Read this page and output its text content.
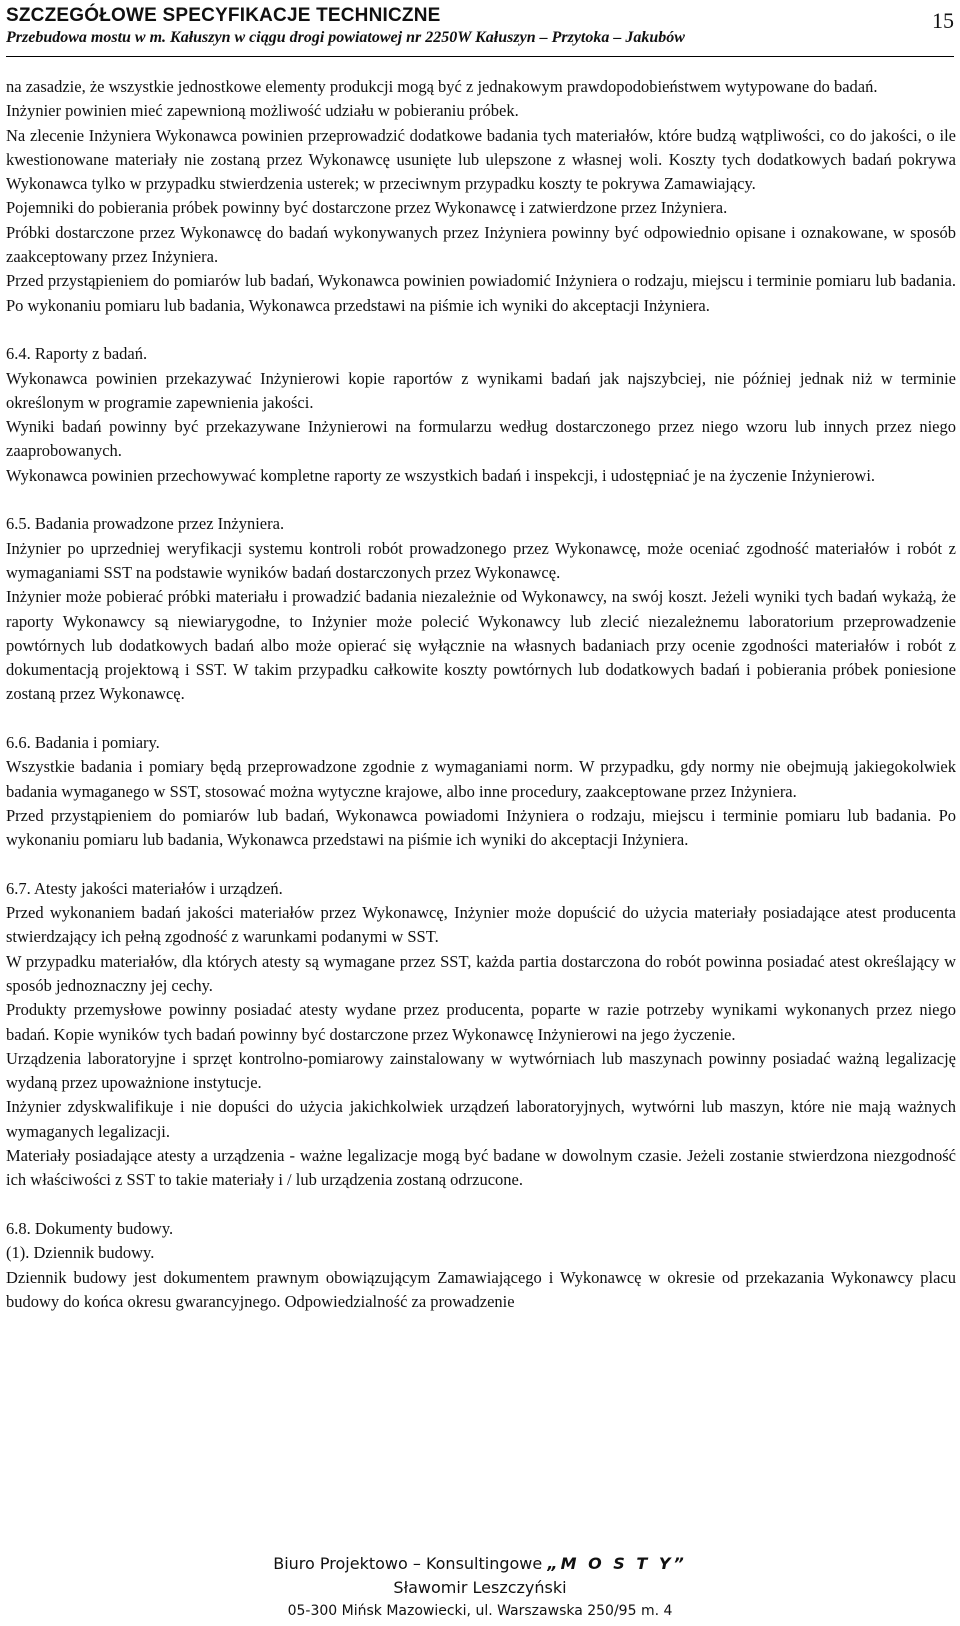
SZCZEGÓŁOWE SPECYFIKACJE TECHNICZNE
Przebudowa mostu w m. Kałuszyn w ciągu drogi powiatowej nr 2250W Kałuszyn – Przytoka – Jakubów
15

na zasadzie, że wszystkie jednostkowe elementy produkcji mogą być z jednakowym prawdopodobieństwem wytypowane do badań.

Inżynier powinien mieć zapewnioną możliwość udziału w pobieraniu próbek.

Na zlecenie Inżyniera Wykonawca powinien przeprowadzić dodatkowe badania tych materiałów, które budzą wątpliwości, co do jakości, o ile kwestionowane materiały nie zostaną przez Wykonawcę usunięte lub ulepszone z własnej woli. Koszty tych dodatkowych badań pokrywa Wykonawca tylko w przypadku stwierdzenia usterek; w przeciwnym przypadku koszty te pokrywa Zamawiający.

Pojemniki do pobierania próbek powinny być dostarczone przez Wykonawcę i zatwierdzone przez Inżyniera.

Próbki dostarczone przez Wykonawcę do badań wykonywanych przez Inżyniera powinny być odpowiednio opisane i oznakowane, w sposób zaakceptowany przez Inżyniera.

Przed przystąpieniem do pomiarów lub badań, Wykonawca powinien powiadomić Inżyniera o rodzaju, miejscu i terminie pomiaru lub badania. Po wykonaniu pomiaru lub badania, Wykonawca przedstawi na piśmie ich wyniki do akceptacji Inżyniera.

6.4. Raporty z badań.

Wykonawca powinien przekazywać Inżynierowi kopie raportów z wynikami badań jak najszybciej, nie później jednak niż w terminie określonym w programie zapewnienia jakości.

Wyniki badań powinny być przekazywane Inżynierowi na formularzu według dostarczonego przez niego wzoru lub innych przez niego zaaprobowanych.

Wykonawca powinien przechowywać kompletne raporty ze wszystkich badań i inspekcji, i udostępniać je na życzenie Inżynierowi.

6.5. Badania prowadzone przez Inżyniera.

Inżynier po uprzedniej weryfikacji systemu kontroli robót prowadzonego przez Wykonawcę, może oceniać zgodność materiałów i robót z wymaganiami SST na podstawie wyników badań dostarczonych przez Wykonawcę.

Inżynier może pobierać próbki materiału i prowadzić badania niezależnie od Wykonawcy, na swój koszt. Jeżeli wyniki tych badań wykażą, że raporty Wykonawcy są niewiarygodne, to Inżynier może polecić Wykonawcy lub zlecić niezależnemu laboratorium przeprowadzenie powtórnych lub dodatkowych badań albo może opierać się wyłącznie na własnych badaniach przy ocenie zgodności materiałów i robót z dokumentacją projektową i SST. W takim przypadku całkowite koszty powtórnych lub dodatkowych badań i pobierania próbek poniesione zostaną przez Wykonawcę.

6.6. Badania i pomiary.

Wszystkie badania i pomiary będą przeprowadzone zgodnie z wymaganiami norm. W przypadku, gdy normy nie obejmują jakiegokolwiek badania wymaganego w SST, stosować można wytyczne krajowe, albo inne procedury, zaakceptowane przez Inżyniera.

Przed przystąpieniem do pomiarów lub badań, Wykonawca powiadomi Inżyniera o rodzaju, miejscu i terminie pomiaru lub badania. Po wykonaniu pomiaru lub badania, Wykonawca przedstawi na piśmie ich wyniki do akceptacji Inżyniera.

6.7. Atesty jakości materiałów i urządzeń.

Przed wykonaniem badań jakości materiałów przez Wykonawcę, Inżynier może dopuścić do użycia materiały posiadające atest producenta stwierdzający ich pełną zgodność z warunkami podanymi w SST.

W przypadku materiałów, dla których atesty są wymagane przez SST, każda partia dostarczona do robót powinna posiadać atest określający w sposób jednoznaczny jej cechy.

Produkty przemysłowe powinny posiadać atesty wydane przez producenta, poparte w razie potrzeby wynikami wykonanych przez niego badań. Kopie wyników tych badań powinny być dostarczone przez Wykonawcę Inżynierowi na jego życzenie.

Urządzenia laboratoryjne i sprzęt kontrolno-pomiarowy zainstalowany w wytwórniach lub maszynach powinny posiadać ważną legalizację wydaną przez upoważnione instytucje.

Inżynier zdyskwalifikuje i nie dopuści do użycia jakichkolwiek urządzeń laboratoryjnych, wytwórni lub maszyn, które nie mają ważnych wymaganych legalizacji.

Materiały posiadające atesty a urządzenia - ważne legalizacje mogą być badane w dowolnym czasie. Jeżeli zostanie stwierdzona niezgodność ich właściwości z SST to takie materiały i / lub urządzenia zostaną odrzucone.

6.8. Dokumenty budowy.

(1). Dziennik budowy.

Dziennik budowy jest dokumentem prawnym obowiązującym Zamawiającego i Wykonawcę w okresie od przekazania Wykonawcy placu budowy do końca okresu gwarancyjnego. Odpowiedzialność za prowadzenie

Biuro Projektowo – Konsultingowe „M O S T Y”
Sławomir Leszczyński
05-300 Mińsk Mazowiecki, ul. Warszawska 250/95 m. 4
